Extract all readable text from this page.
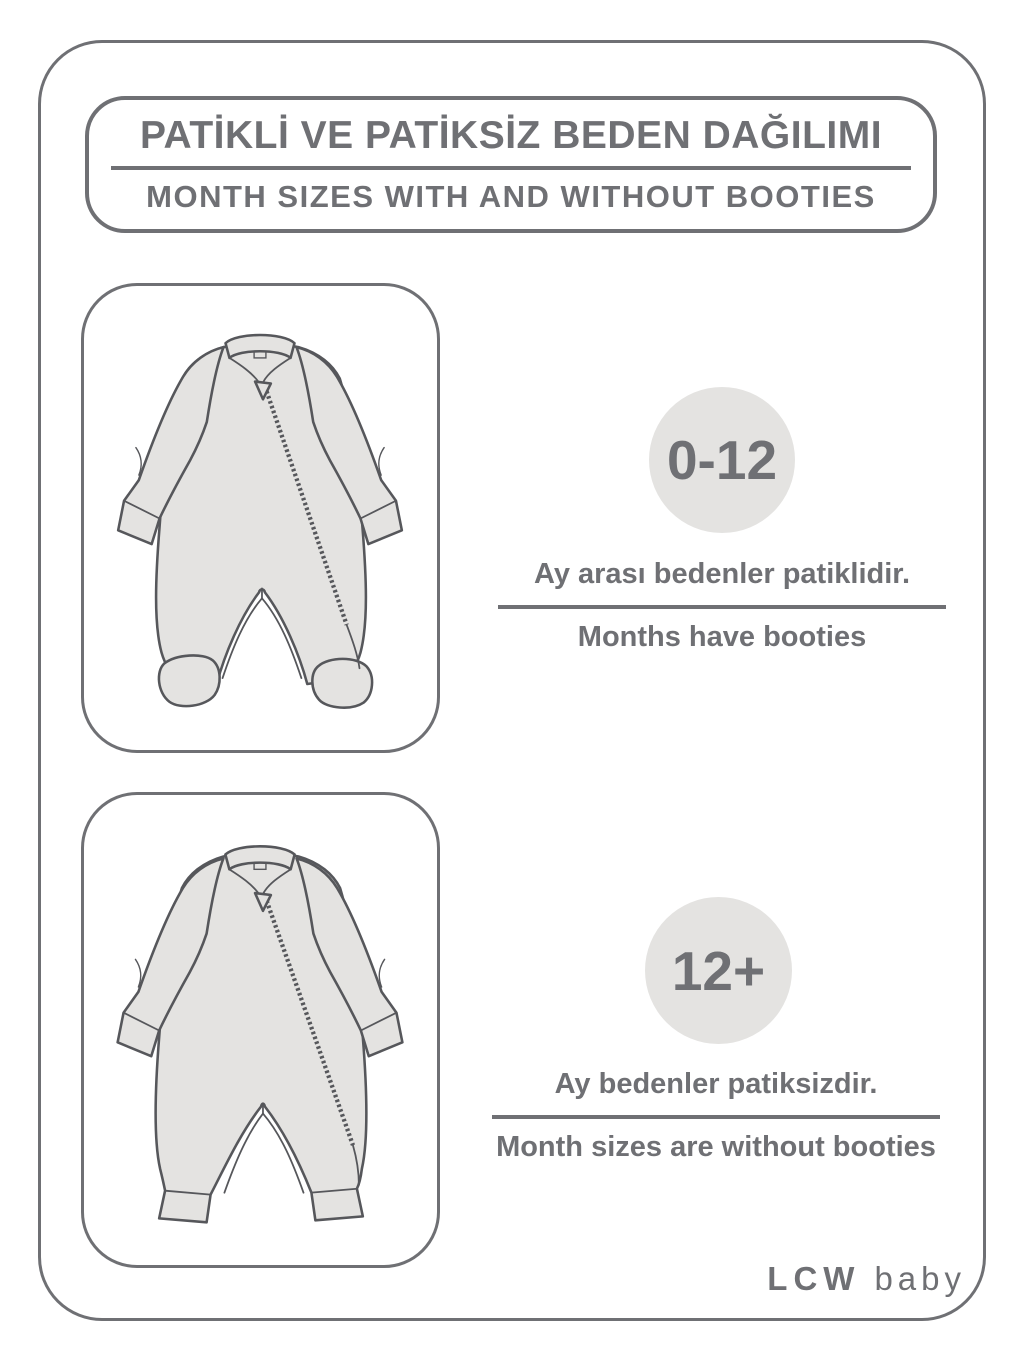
PATİKLİ VE PATİKSİZ BEDEN DAĞILIMI
MONTH SIZES WITH AND WITHOUT BOOTIES
0-12
Ay arası bedenler patiklidir.
Months have booties
12+
Ay bedenler patiksizdir.
Month sizes are without booties
LCW baby
